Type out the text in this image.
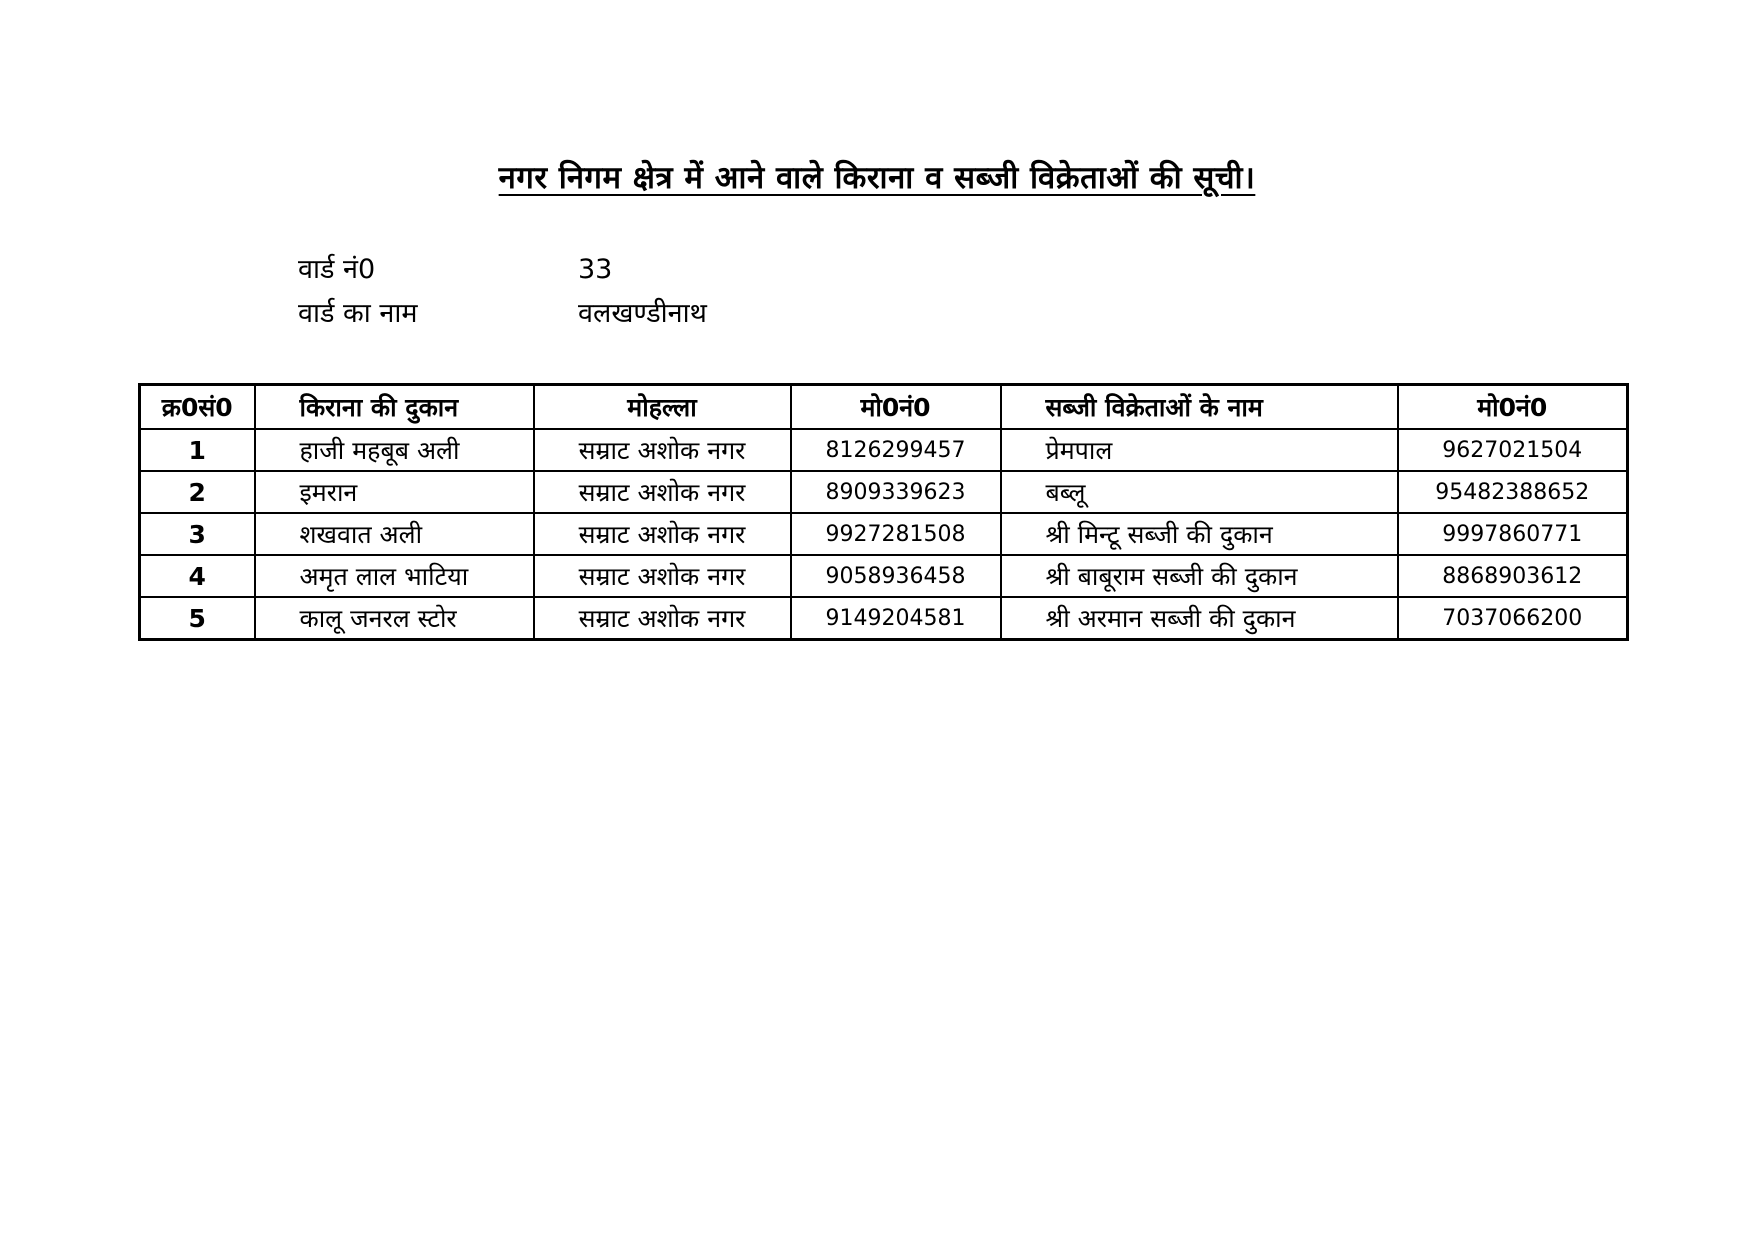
नगर निगम क्षेत्र में आने वाले किराना व सब्जी विक्रेताओं की सूची।
वार्ड नं0	33
वार्ड का नाम	वलखण्डीनाथ
क्र0सं0	किराना की दुकान	मोहल्ला	मो0नं0	सब्जी विक्रेताओं के नाम	मो0नं0
1	हाजी महबूब अली	सम्राट अशोक नगर	8126299457	प्रेमपाल	9627021504
2	इमरान	सम्राट अशोक नगर	8909339623	बब्लू	95482388652
3	शखवात अली	सम्राट अशोक नगर	9927281508	श्री मिन्टू सब्जी की दुकान	9997860771
4	अमृत लाल भाटिया	सम्राट अशोक नगर	9058936458	श्री बाबूराम सब्जी की दुकान	8868903612
5	कालू जनरल स्टोर	सम्राट अशोक नगर	9149204581	श्री अरमान सब्जी की दुकान	7037066200
